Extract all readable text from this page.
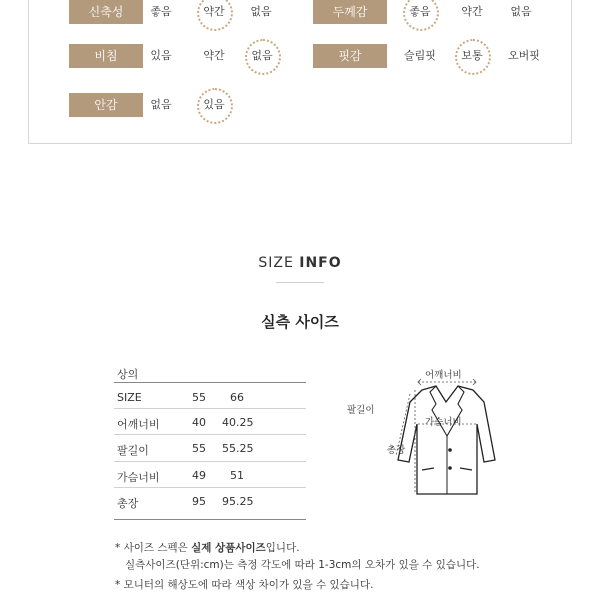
신축성	좋음	약간	없음	두께감	좋음	약간	없음
비침	있음	약간	없음	핏감	슬림핏	보통	오버핏
안감	없음	있음
SIZE INFO
실측 사이즈
상의
SIZE	55 66
어깨너비	40 40.25
팔길이	55 55.25
가슴너비	49 51
총장	95 95.25
어깨너비
팔길이
가슴너비
총장
* 사이즈 스펙은 실제 상품사이즈입니다.
실측사이즈(단위:cm)는 측정 각도에 따라 1-3cm의 오차가 있을 수 있습니다.
* 모니터의 해상도에 따라 색상 차이가 있을 수 있습니다.
